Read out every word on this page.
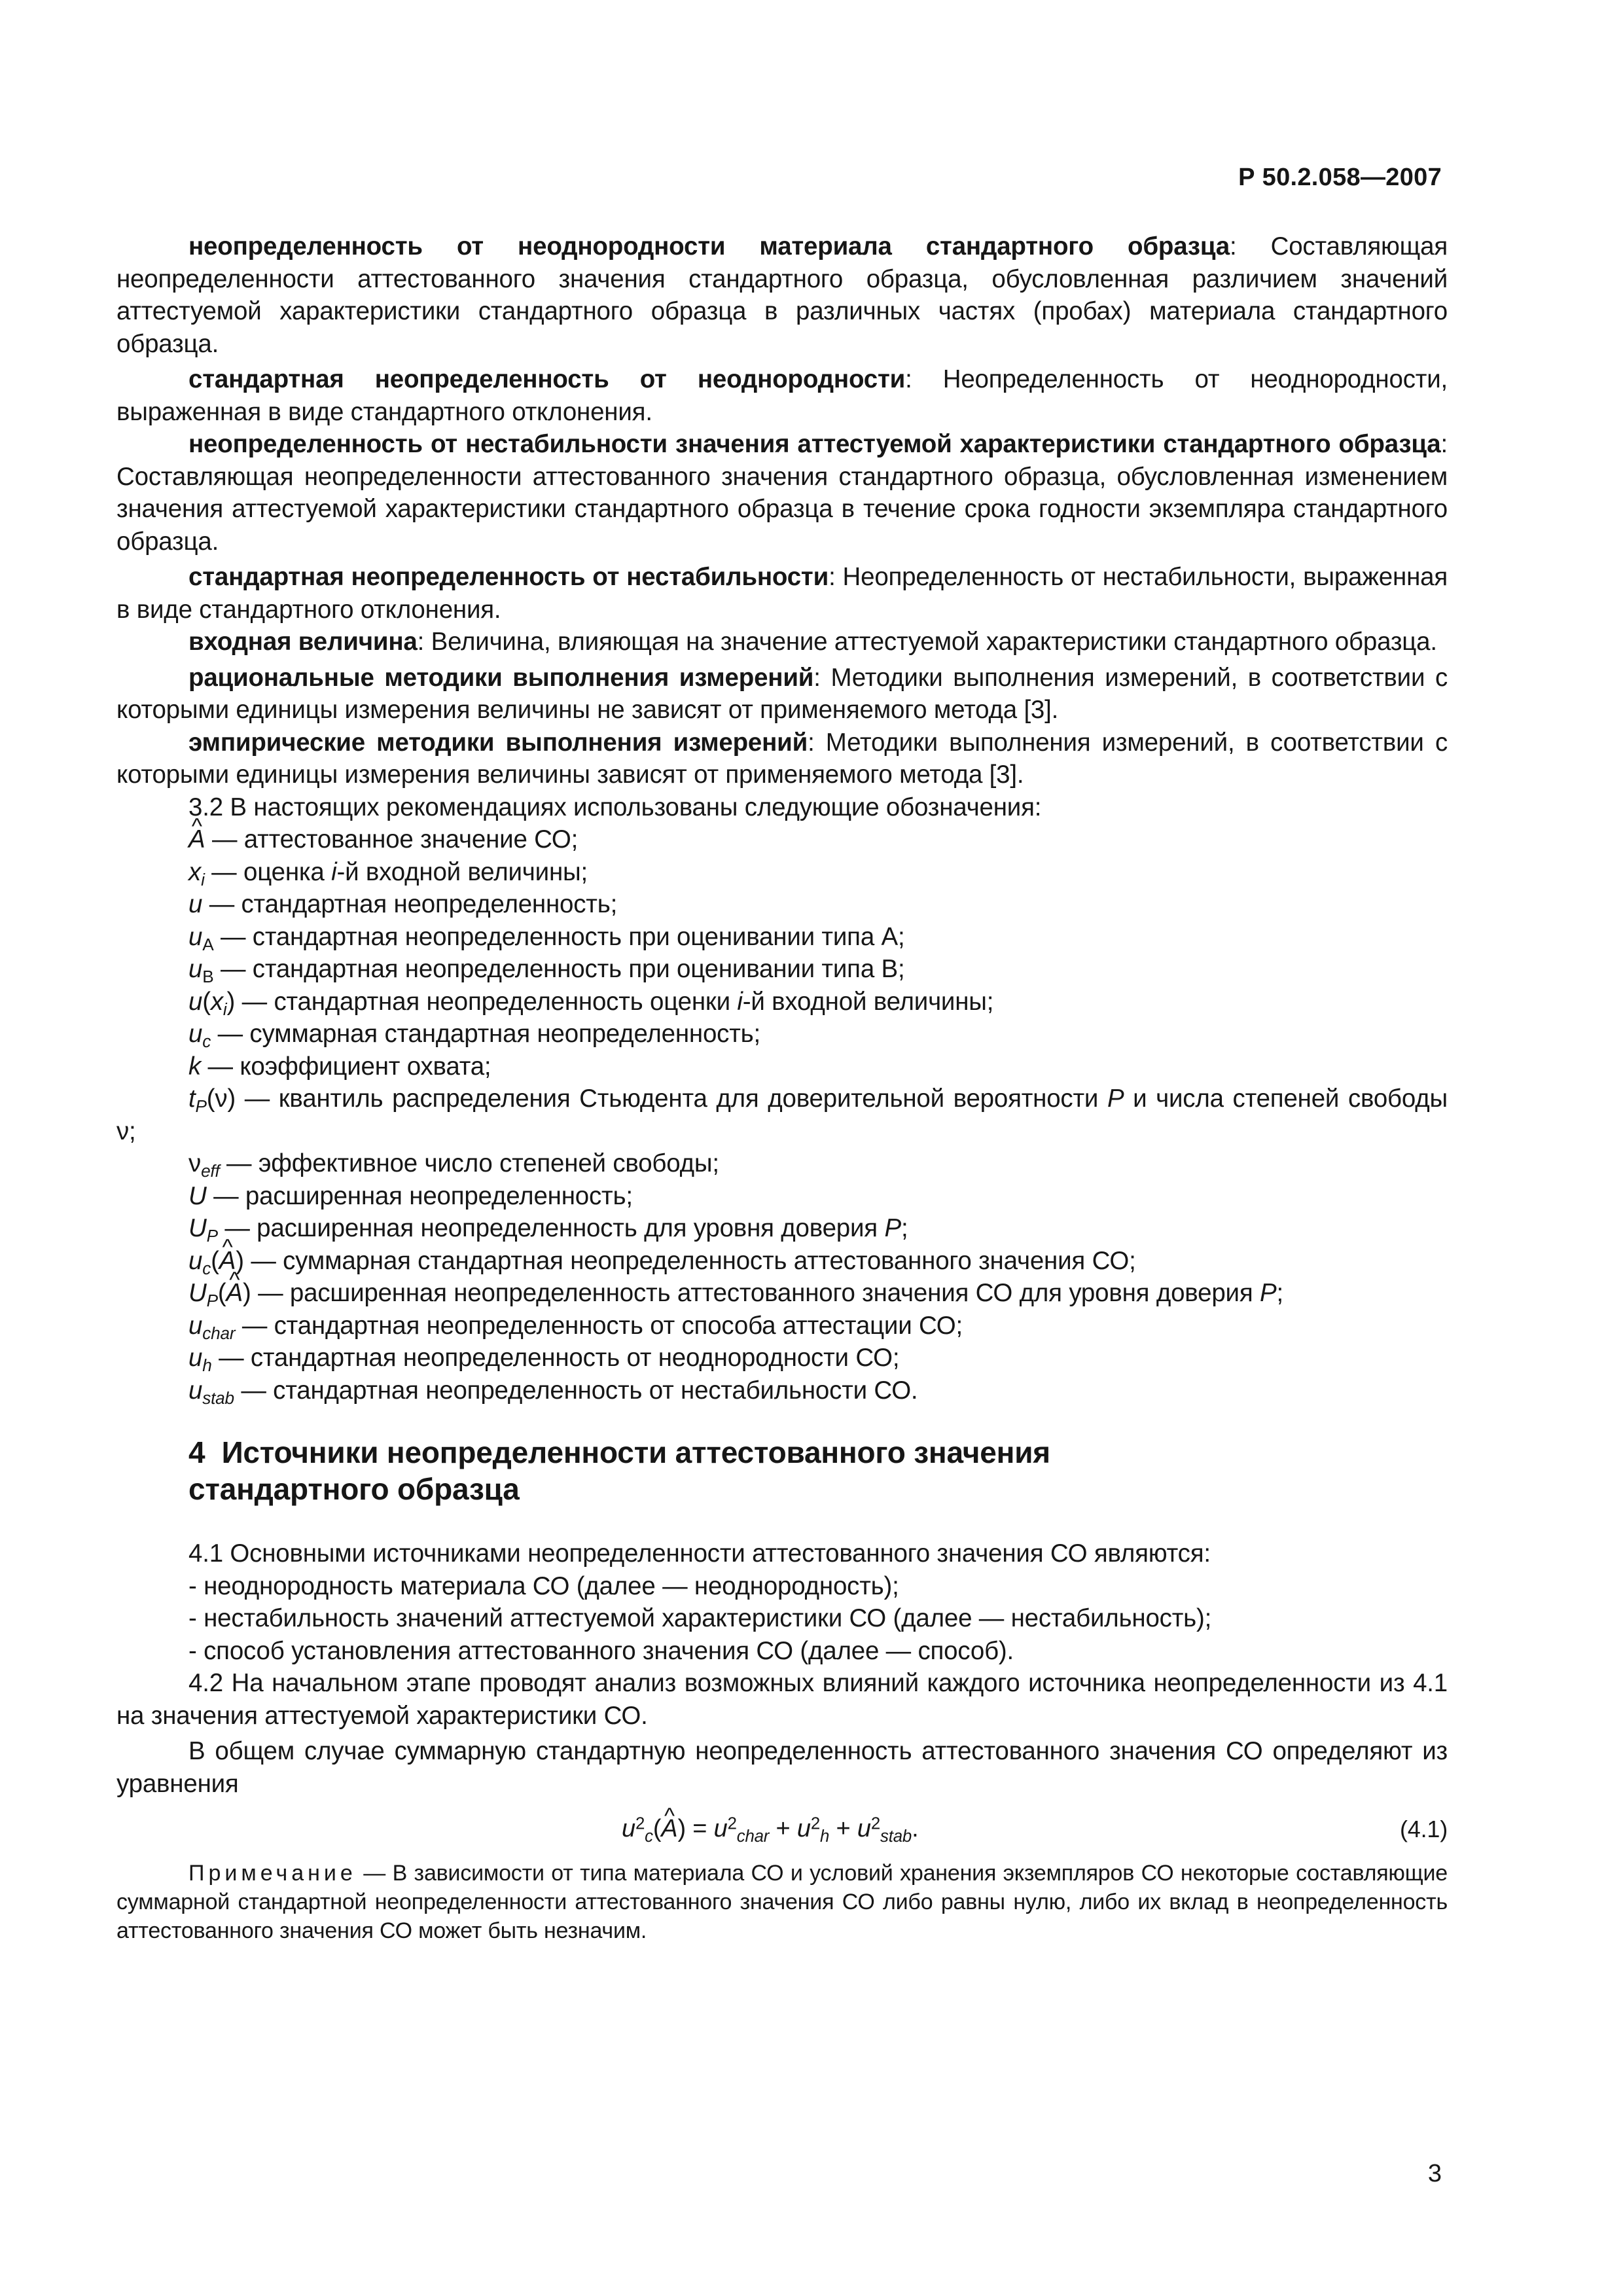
Р 50.2.058—2007

неопределенность от неоднородности материала стандартного образца: Составляющая неопределенности аттестованного значения стандартного образца, обусловленная различием значений аттестуемой характеристики стандартного образца в различных частях (пробах) материала стандартного образца.

стандартная неопределенность от неоднородности: Неопределенность от неоднородности, выраженная в виде стандартного отклонения.

неопределенность от нестабильности значения аттестуемой характеристики стандартного образца: Составляющая неопределенности аттестованного значения стандартного образца, обусловленная изменением значения аттестуемой характеристики стандартного образца в течение срока годности экземпляра стандартного образца.

стандартная неопределенность от нестабильности: Неопределенность от нестабильности, выраженная в виде стандартного отклонения.

входная величина: Величина, влияющая на значение аттестуемой характеристики стандартного образца.

рациональные методики выполнения измерений: Методики выполнения измерений, в соответствии с которыми единицы измерения величины не зависят от применяемого метода [3].

эмпирические методики выполнения измерений: Методики выполнения измерений, в соответствии с которыми единицы измерения величины зависят от применяемого метода [3].

3.2 В настоящих рекомендациях использованы следующие обозначения:

^ A — аттестованное значение СО;

$x_i$ — оценка i-й входной величины;

u — стандартная неопределенность;

$u_A$ — стандартная неопределенность при оценивании типа А;

$u_B$ — стандартная неопределенность при оценивании типа В;

$u(x_i)$ — стандартная неопределенность оценки i-й входной величины;

$u_c$ — суммарная стандартная неопределенность;

k — коэффициент охвата;

$t_P(\nu)$ — квантиль распределения Стьюдента для доверительной вероятности P и числа степеней свободы ν;

$\nu_{eff}$ — эффективное число степеней свободы;

U — расширенная неопределенность;

$U_P$ — расширенная неопределенность для уровня доверия P;

$u_c(\^{}$ A) — суммарная стандартная неопределенность аттестованного значения СО;

$U_P(\^{}$ A) — расширенная неопределенность аттестованного значения СО для уровня доверия P;

$u_{char}$ — стандартная неопределенность от способа аттестации СО;

$u_h$ — стандартная неопределенность от неоднородности СО;

$u_{stab}$ — стандартная неопределенность от нестабильности СО.

4 Источники неопределенности аттестованного значения
стандартного образца

4.1 Основными источниками неопределенности аттестованного значения СО являются:

- неоднородность материала СО (далее — неоднородность);

- нестабильность значений аттестуемой характеристики СО (далее — нестабильность);

- способ установления аттестованного значения СО (далее — способ).

4.2 На начальном этапе проводят анализ возможных влияний каждого источника неопределенности из 4.1 на значения аттестуемой характеристики СО.

В общем случае суммарную стандартную неопределенность аттестованного значения СО определяют из уравнения

$u^2_c(\^{}$ $A) = u^2_{char} + u^2_h + u^2_{stab}$.	(4.1)

Примечание — В зависимости от типа материала СО и условий хранения экземпляров СО некоторые составляющие суммарной стандартной неопределенности аттестованного значения СО либо равны нулю, либо их вклад в неопределенность аттестованного значения СО может быть незначим.

3
